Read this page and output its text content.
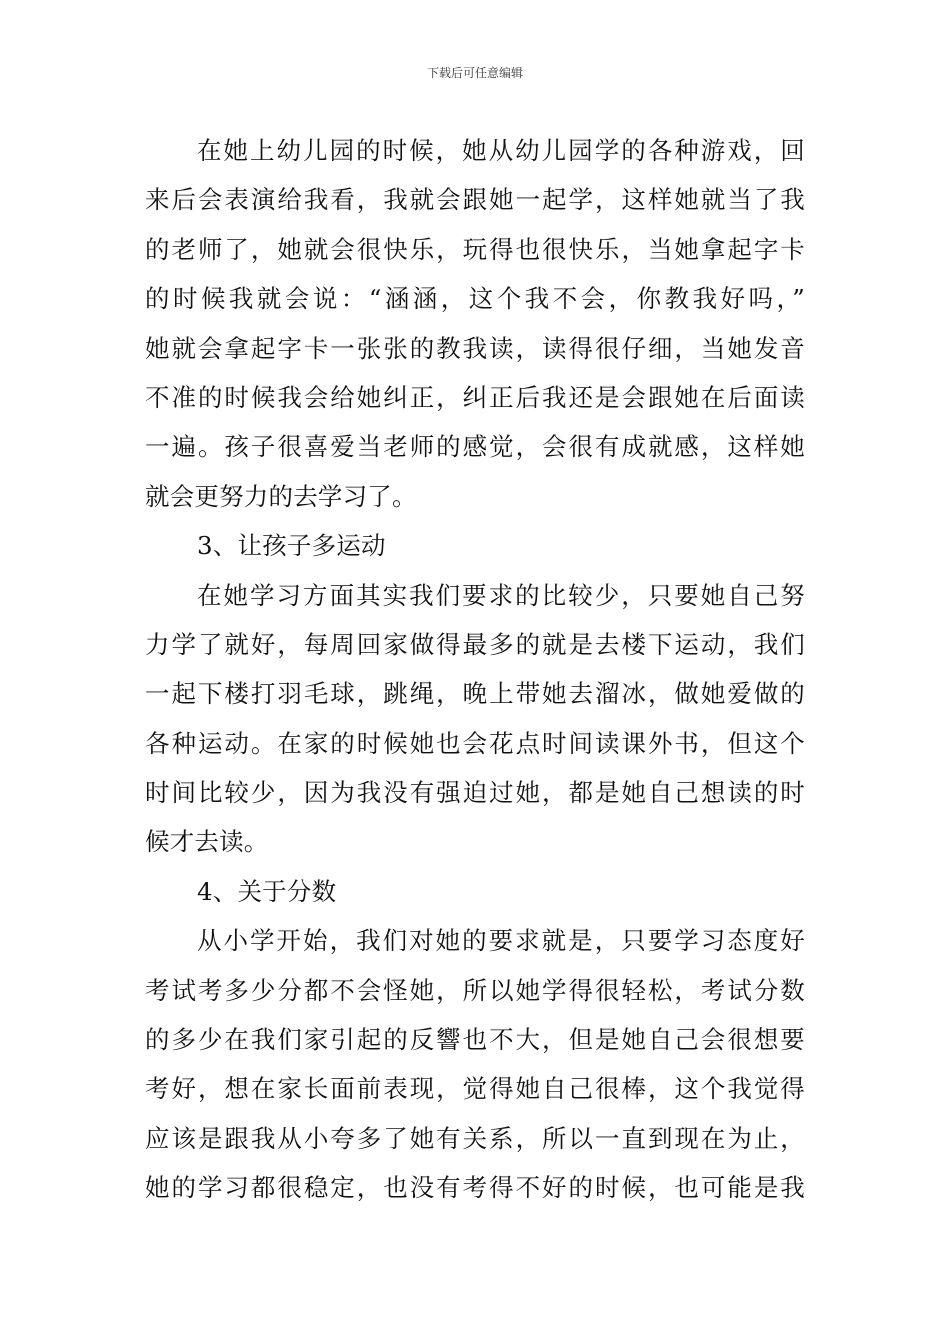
下载后可任意编辑
在她上幼儿园的时候，她从幼儿园学的各种游戏，回
来后会表演给我看，我就会跟她一起学，这样她就当了我
的老师了，她就会很快乐，玩得也很快乐，当她拿起字卡
的时候我就会说：“涵涵，这个我不会，你教我好吗，”
她就会拿起字卡一张张的教我读，读得很仔细，当她发音
不准的时候我会给她纠正，纠正后我还是会跟她在后面读
一遍。孩子很喜爱当老师的感觉，会很有成就感，这样她
就会更努力的去学习了。
3、让孩子多运动
在她学习方面其实我们要求的比较少，只要她自己努
力学了就好，每周回家做得最多的就是去楼下运动，我们
一起下楼打羽毛球，跳绳，晚上带她去溜冰，做她爱做的
各种运动。在家的时候她也会花点时间读课外书，但这个
时间比较少，因为我没有强迫过她，都是她自己想读的时
候才去读。
4、关于分数
从小学开始，我们对她的要求就是，只要学习态度好
考试考多少分都不会怪她，所以她学得很轻松，考试分数
的多少在我们家引起的反響也不大，但是她自己会很想要
考好，想在家长面前表现，觉得她自己很棒，这个我觉得
应该是跟我从小夸多了她有关系，所以一直到现在为止，
她的学习都很稳定，也没有考得不好的时候，也可能是我
